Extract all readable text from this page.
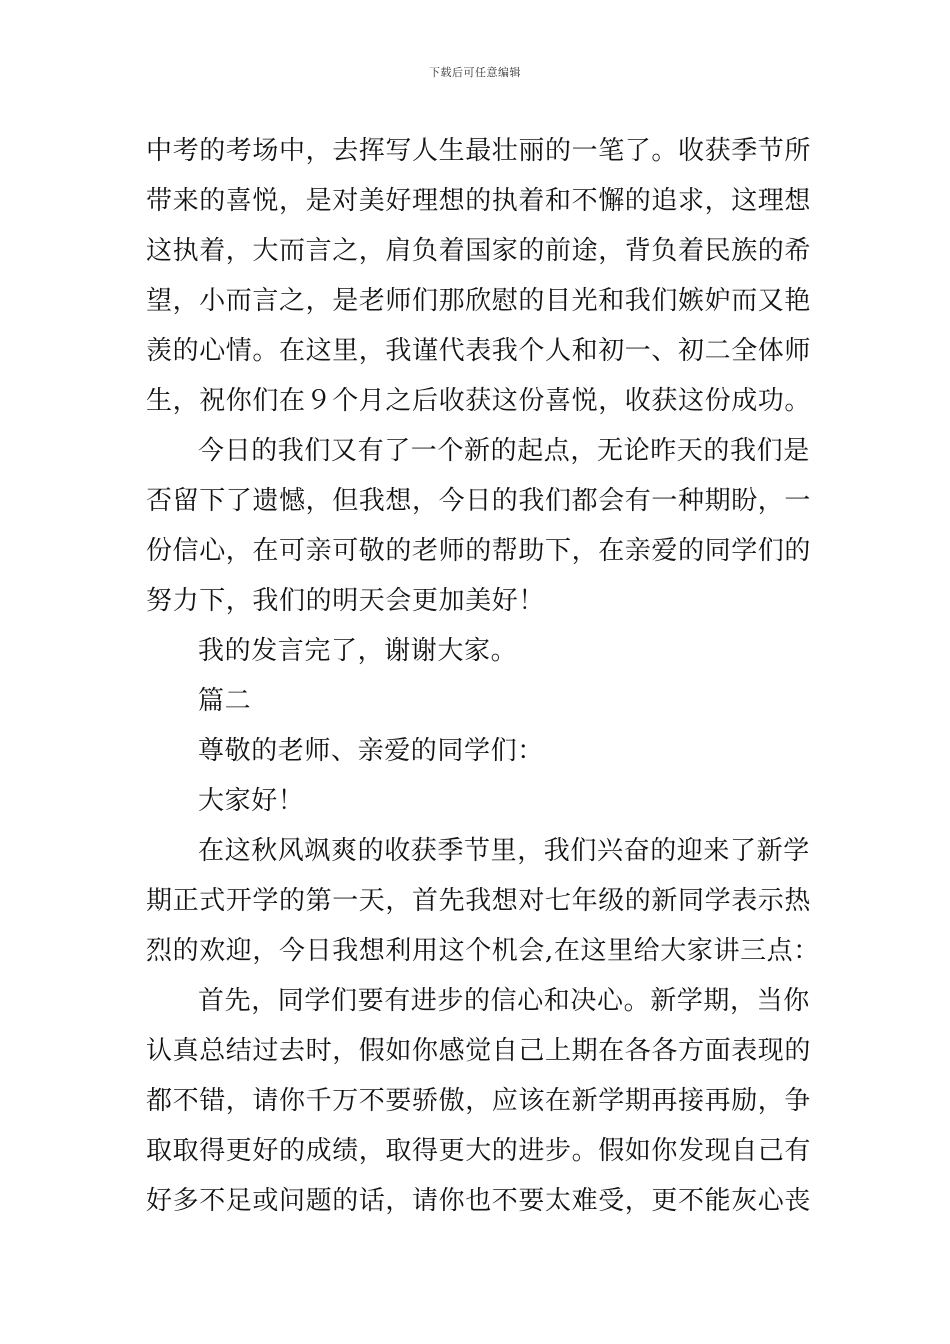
下载后可任意编辑

中考的考场中，去挥写人生最壮丽的一笔了。收获季节所
带来的喜悦，是对美好理想的执着和不懈的追求，这理想
这执着，大而言之，肩负着国家的前途，背负着民族的希
望，小而言之，是老师们那欣慰的目光和我们嫉妒而又艳
羡的心情。在这里，我谨代表我个人和初一、初二全体师
生，祝你们在９个月之后收获这份喜悦，收获这份成功。

今日的我们又有了一个新的起点，无论昨天的我们是
否留下了遗憾，但我想，今日的我们都会有一种期盼，一
份信心，在可亲可敬的老师的帮助下，在亲爱的同学们的
努力下，我们的明天会更加美好！

我的发言完了，谢谢大家。

篇二

尊敬的老师、亲爱的同学们：

大家好！

在这秋风飒爽的收获季节里，我们兴奋的迎来了新学
期正式开学的第一天，首先我想对七年级的新同学表示热
烈的欢迎，今日我想利用这个机会,在这里给大家讲三点：

首先，同学们要有进步的信心和决心。新学期，当你
认真总结过去时，假如你感觉自己上期在各各方面表现的
都不错，请你千万不要骄傲，应该在新学期再接再励，争
取取得更好的成绩，取得更大的进步。假如你发现自己有
好多不足或问题的话，请你也不要太难受，更不能灰心丧
